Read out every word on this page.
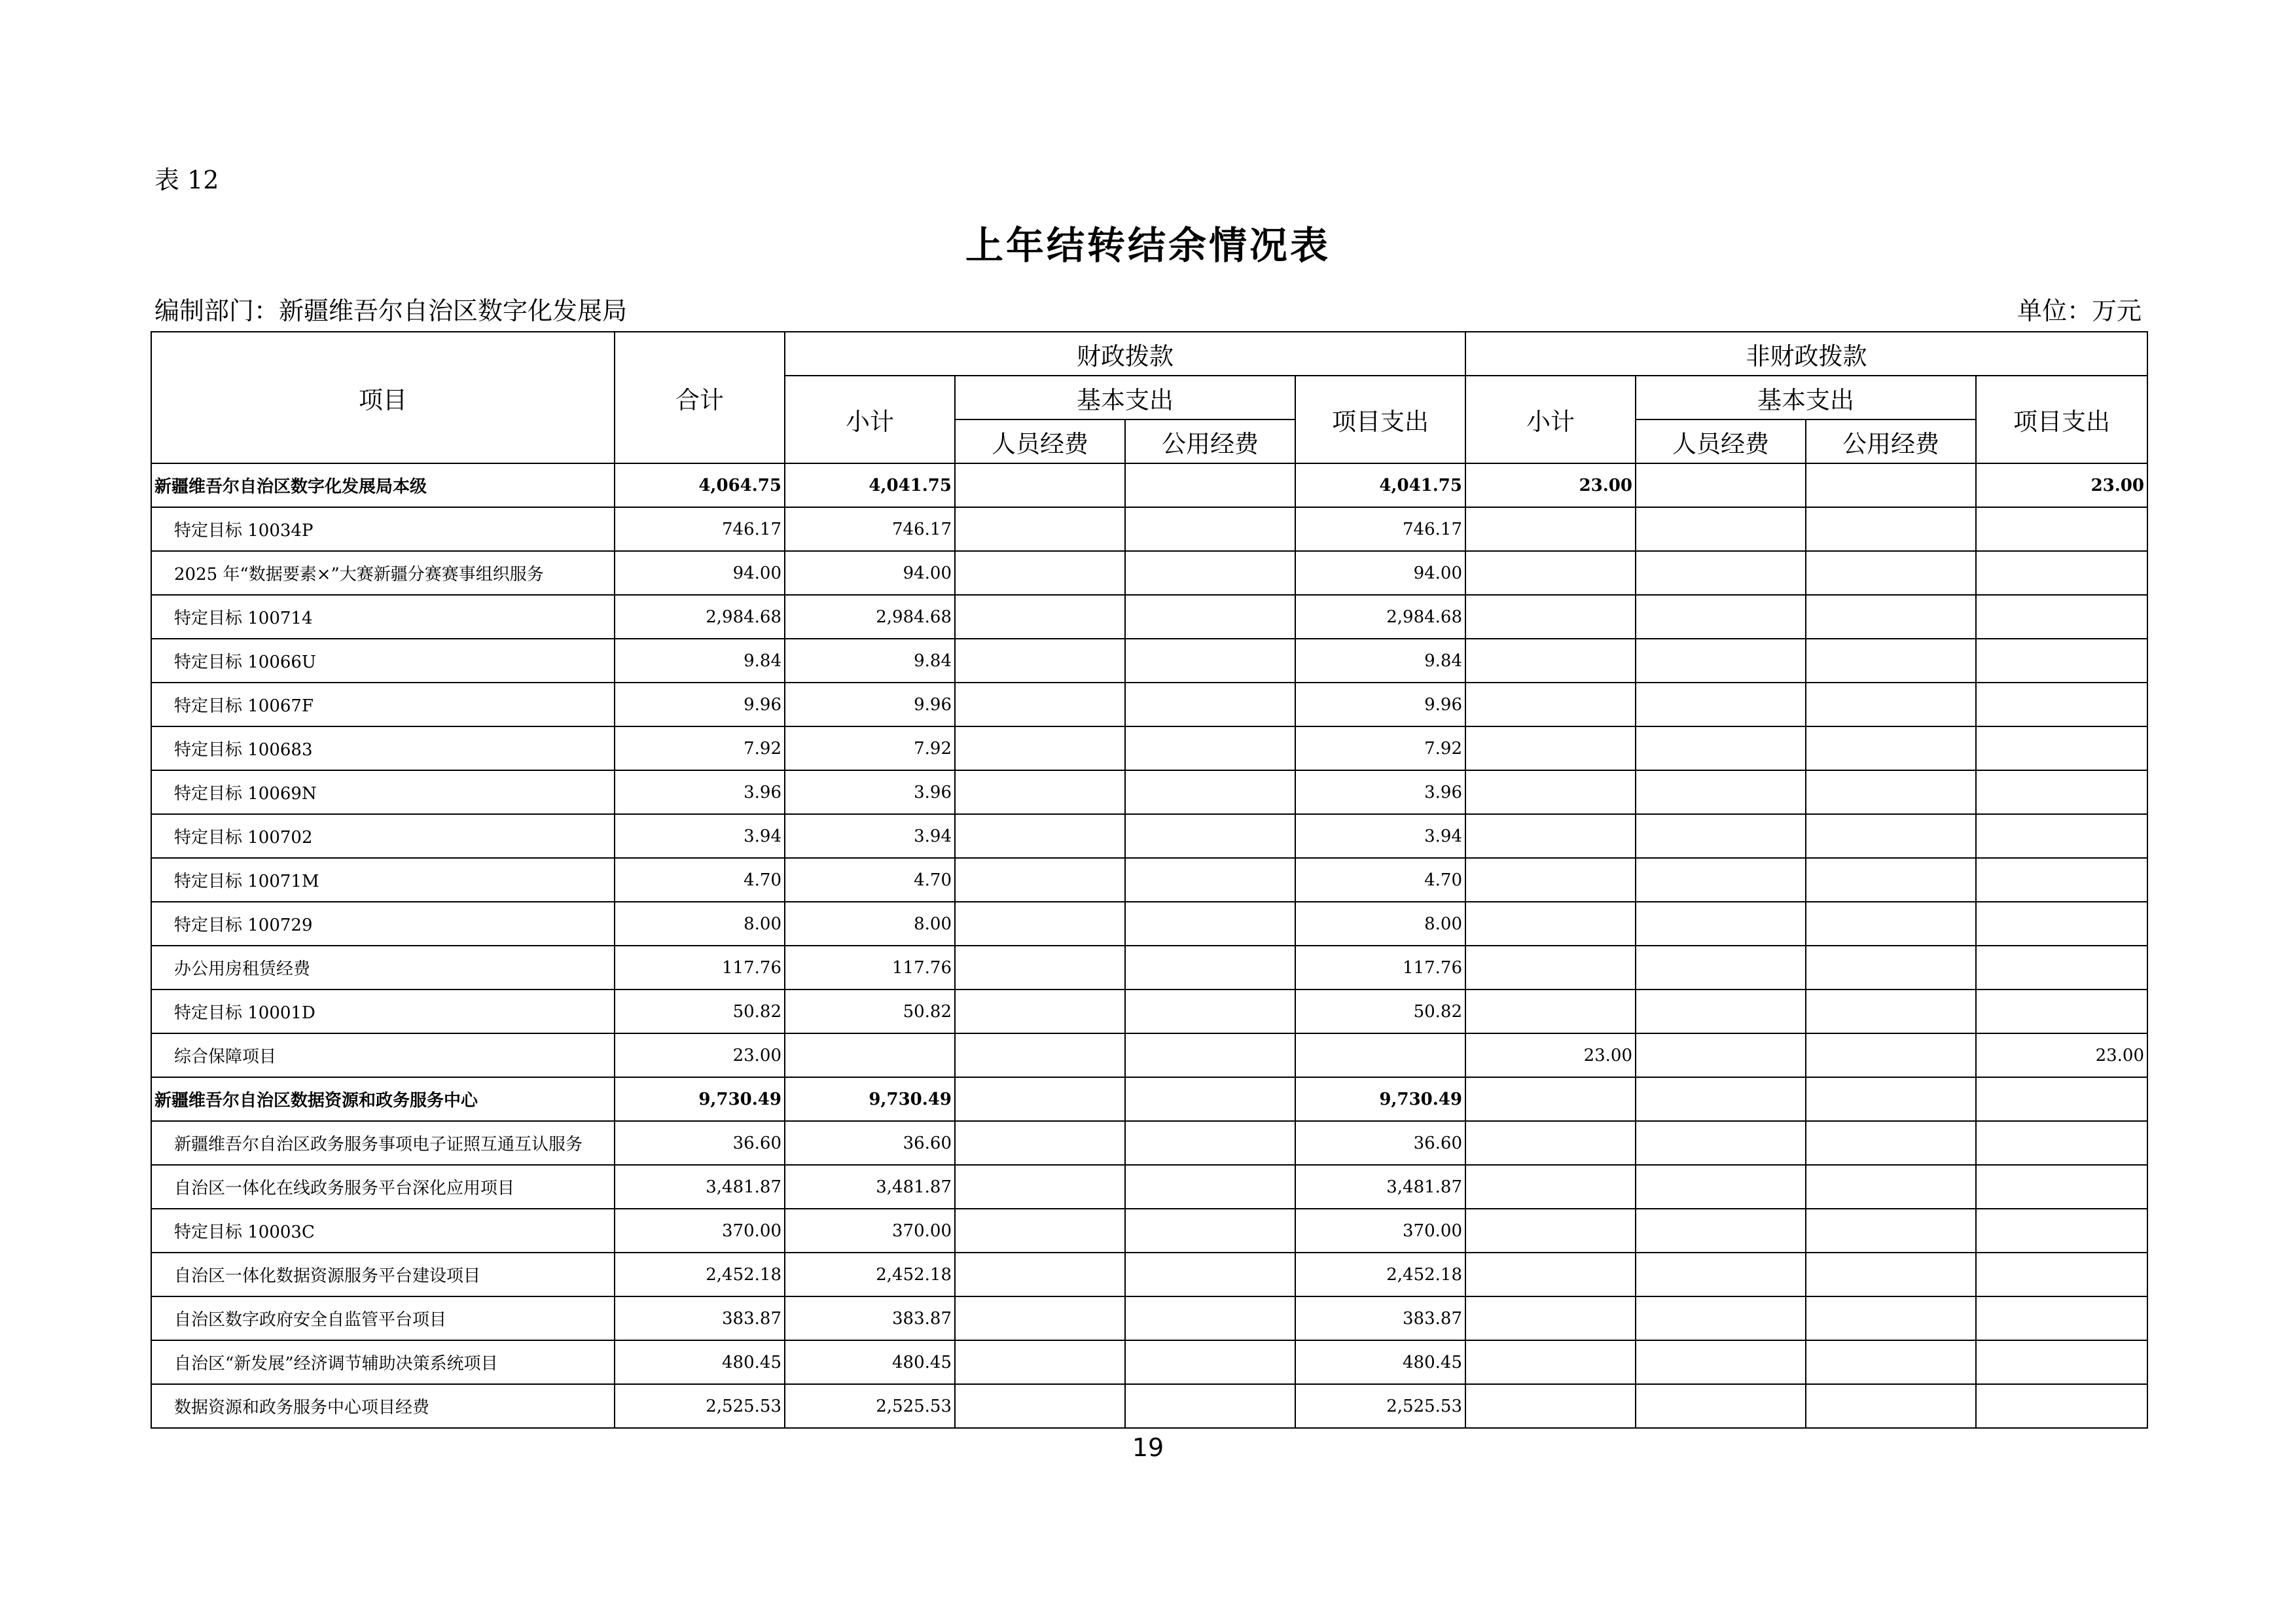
表 12
上年结转结余情况表
编制部门：新疆维吾尔自治区数字化发展局	单位：万元
项目	合计	财政拨款				非财政拨款			
		小计	基本支出		项目支出	小计	基本支出		项目支出
			人员经费	公用经费			人员经费	公用经费	
新疆维吾尔自治区数字化发展局本级	4,064.75	4,041.75			4,041.75	23.00			23.00
特定目标 10034P	746.17	746.17			746.17				
2025 年“数据要素×”大赛新疆分赛赛事组织服务	94.00	94.00			94.00				
特定目标 100714	2,984.68	2,984.68			2,984.68				
特定目标 10066U	9.84	9.84			9.84				
特定目标 10067F	9.96	9.96			9.96				
特定目标 100683	7.92	7.92			7.92				
特定目标 10069N	3.96	3.96			3.96				
特定目标 100702	3.94	3.94			3.94				
特定目标 10071M	4.70	4.70			4.70				
特定目标 100729	8.00	8.00			8.00				
办公用房租赁经费	117.76	117.76			117.76				
特定目标 10001D	50.82	50.82			50.82				
综合保障项目	23.00					23.00			23.00
新疆维吾尔自治区数据资源和政务服务中心	9,730.49	9,730.49			9,730.49				
新疆维吾尔自治区政务服务事项电子证照互通互认服务	36.60	36.60			36.60				
自治区一体化在线政务服务平台深化应用项目	3,481.87	3,481.87			3,481.87				
特定目标 10003C	370.00	370.00			370.00				
自治区一体化数据资源服务平台建设项目	2,452.18	2,452.18			2,452.18				
自治区数字政府安全自监管平台项目	383.87	383.87			383.87				
自治区“新发展”经济调节辅助决策系统项目	480.45	480.45			480.45				
数据资源和政务服务中心项目经费	2,525.53	2,525.53			2,525.53				
19
